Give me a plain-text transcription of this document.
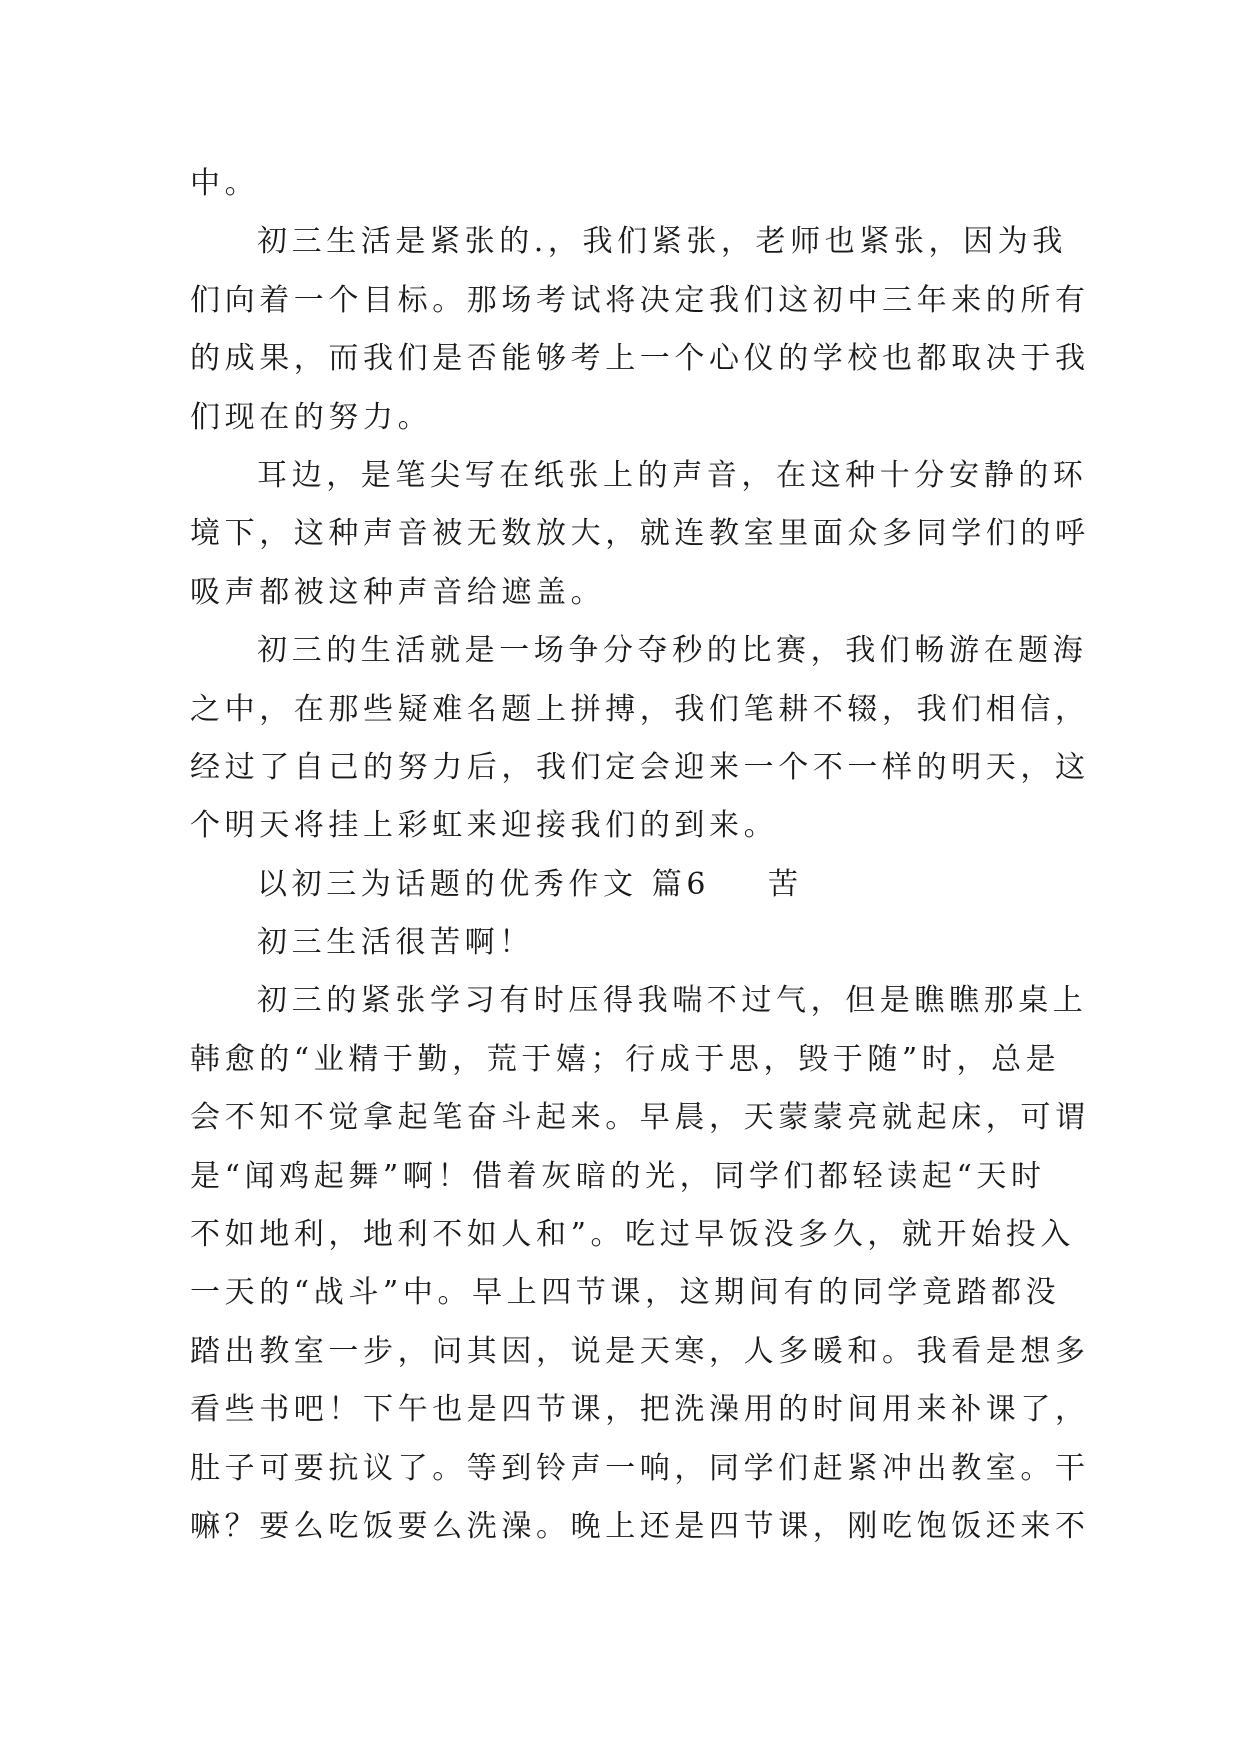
中。
初三生活是紧张的.，我们紧张，老师也紧张，因为我
们向着一个目标。那场考试将决定我们这初中三年来的所有
的成果，而我们是否能够考上一个心仪的学校也都取决于我
们现在的努力。
耳边，是笔尖写在纸张上的声音，在这种十分安静的环
境下，这种声音被无数放大，就连教室里面众多同学们的呼
吸声都被这种声音给遮盖。
初三的生活就是一场争分夺秒的比赛，我们畅游在题海
之中，在那些疑难名题上拼搏，我们笔耕不辍，我们相信，
经过了自己的努力后，我们定会迎来一个不一样的明天，这
个明天将挂上彩虹来迎接我们的到来。
以初三为话题的优秀作文 篇6 苦
初三生活很苦啊！
初三的紧张学习有时压得我喘不过气，但是瞧瞧那桌上
韩愈的“业精于勤，荒于嬉；行成于思，毁于随”时，总是
会不知不觉拿起笔奋斗起来。早晨，天蒙蒙亮就起床，可谓
是“闻鸡起舞”啊！借着灰暗的光，同学们都轻读起“天时
不如地利，地利不如人和”。吃过早饭没多久，就开始投入
一天的“战斗”中。早上四节课，这期间有的同学竟踏都没
踏出教室一步，问其因，说是天寒，人多暖和。我看是想多
看些书吧！下午也是四节课，把洗澡用的时间用来补课了，
肚子可要抗议了。等到铃声一响，同学们赶紧冲出教室。干
嘛？要么吃饭要么洗澡。晚上还是四节课，刚吃饱饭还来不
